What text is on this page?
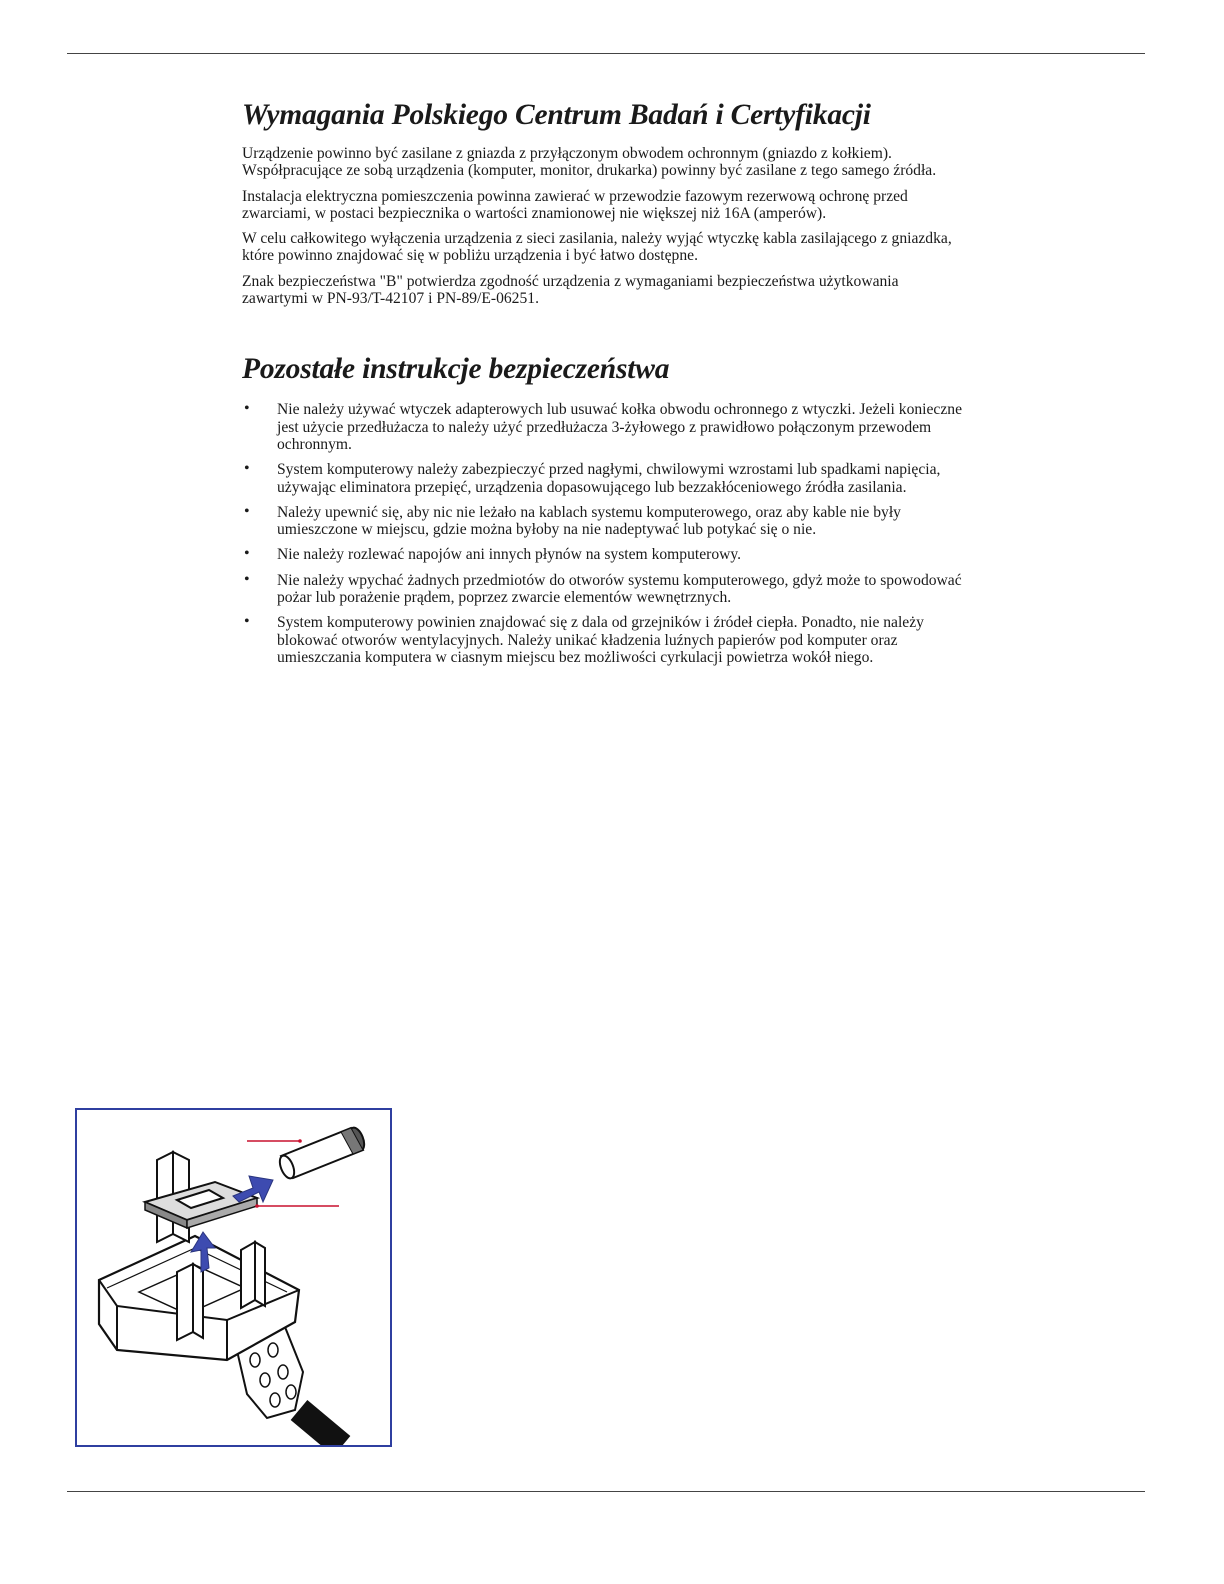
Wymagania Polskiego Centrum Badań i Certyfikacji

Urządzenie powinno być zasilane z gniazda z przyłączonym obwodem ochronnym (gniazdo z kołkiem). Współpracujące ze sobą urządzenia (komputer, monitor, drukarka) powinny być zasilane z tego samego źródła.

Instalacja elektryczna pomieszczenia powinna zawierać w przewodzie fazowym rezerwową ochronę przed zwarciami, w postaci bezpiecznika o wartości znamionowej nie większej niż 16A (amperów).

W celu całkowitego wyłączenia urządzenia z sieci zasilania, należy wyjąć wtyczkę kabla zasilającego z gniazdka, które powinno znajdować się w pobliżu urządzenia i być łatwo dostępne.

Znak bezpieczeństwa "B" potwierdza zgodność urządzenia z wymaganiami bezpieczeństwa użytkowania zawartymi w PN-93/T-42107 i PN-89/E-06251.

Pozostałe instrukcje bezpieczeństwa
• Nie należy używać wtyczek adapterowych lub usuwać kołka obwodu ochronnego z wtyczki. Jeżeli konieczne jest użycie przedłużacza to należy użyć przedłużacza 3-żyłowego z prawidłowo połączonym przewodem ochronnym.
• System komputerowy należy zabezpieczyć przed nagłymi, chwilowymi wzrostami lub spadkami napięcia, używając eliminatora przepięć, urządzenia dopasowującego lub bezzakłóceniowego źródła zasilania.
• Należy upewnić się, aby nic nie leżało na kablach systemu komputerowego, oraz aby kable nie były umieszczone w miejscu, gdzie można byłoby na nie nadeptywać lub potykać się o nie.
• Nie należy rozlewać napojów ani innych płynów na system komputerowy.
• Nie należy wpychać żadnych przedmiotów do otworów systemu komputerowego, gdyż może to spowodować pożar lub porażenie prądem, poprzez zwarcie elementów wewnętrznych.
• System komputerowy powinien znajdować się z dala od grzejników i źródeł ciepła. Ponadto, nie należy blokować otworów wentylacyjnych. Należy unikać kładzenia luźnych papierów pod komputer oraz umieszczania komputera w ciasnym miejscu bez możliwości cyrkulacji powietrza wokół niego.
